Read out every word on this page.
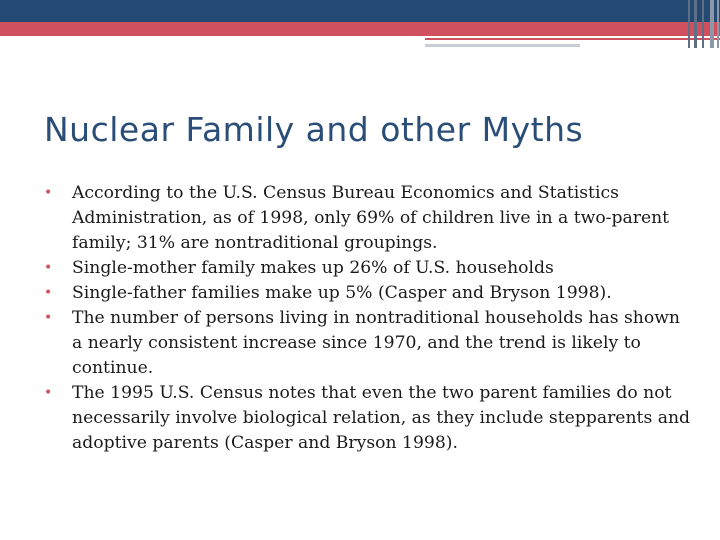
Nuclear Family and other Myths
•	According to the U.S. Census Bureau Economics and Statistics Administration, as of 1998, only 69% of children live in a two-parent family; 31% are nontraditional groupings.
•	Single-mother family makes up 26% of U.S. households
•	Single-father families make up 5% (Casper and Bryson 1998).
•	The number of persons living in nontraditional households has shown a nearly consistent increase since 1970, and the trend is likely to continue.
•	The 1995 U.S. Census notes that even the two parent families do not necessarily involve biological relation, as they include stepparents and adoptive parents (Casper and Bryson 1998).
